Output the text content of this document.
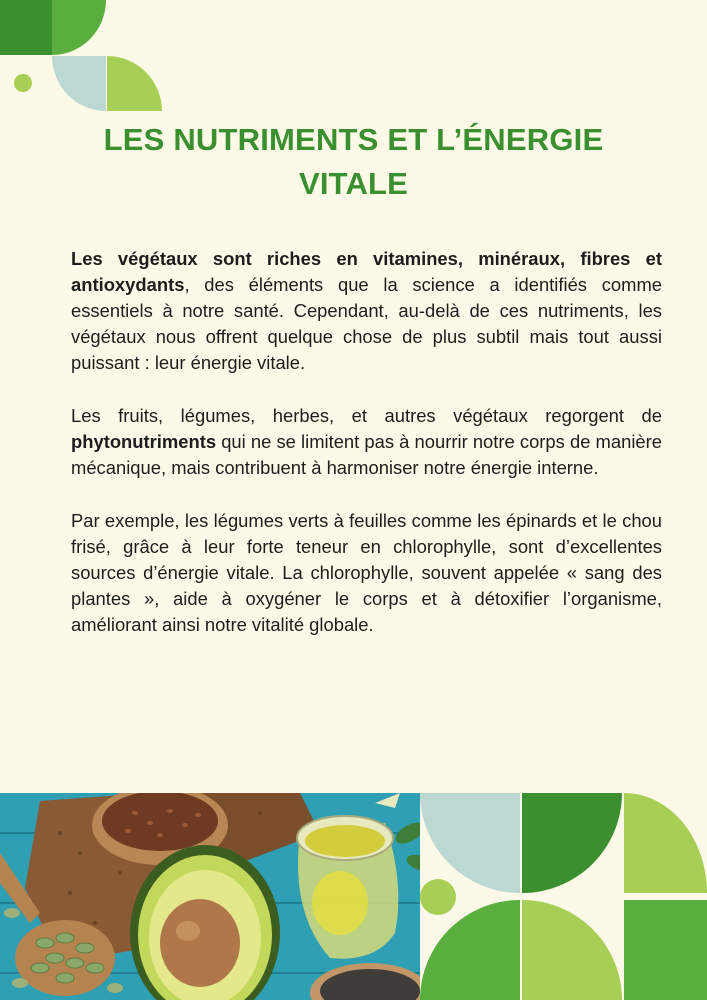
LES NUTRIMENTS ET L’ÉNERGIE
VITALE

Les végétaux sont riches en vitamines, minéraux, fibres et antioxydants, des éléments que la science a identifiés comme essentiels à notre santé. Cependant, au-delà de ces nutriments, les végétaux nous offrent quelque chose de plus subtil mais tout aussi puissant : leur énergie vitale.

Les fruits, légumes, herbes, et autres végétaux regorgent de phytonutriments qui ne se limitent pas à nourrir notre corps de manière mécanique, mais contribuent à harmoniser notre énergie interne.

Par exemple, les légumes verts à feuilles comme les épinards et le chou frisé, grâce à leur forte teneur en chlorophylle, sont d’excellentes sources d’énergie vitale. La chlorophylle, souvent appelée « sang des plantes », aide à oxygéner le corps et à détoxifier l’organisme, améliorant ainsi notre vitalité globale.
